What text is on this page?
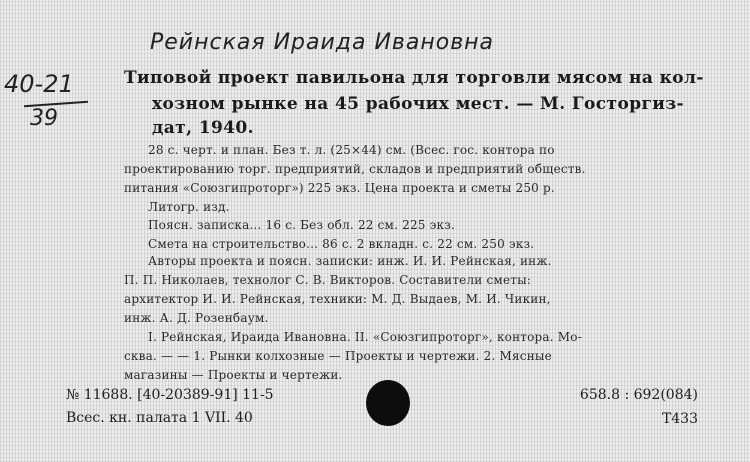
Рейнская Ираида Ивановна
40-21
39
Типовой проект павильона для торговли мясом на кол-
хозном рынке на 45 рабочих мест. — М. Госторгиз-
дат, 1940.
28 с. черт. и план. Без т. л. (25×44) см. (Всес. гос. контора по
проектированию торг. предприятий, складов и предприятий обществ.
питания «Союзгипроторг») 225 экз. Цена проекта и сметы 250 р.
Литогр. изд.
Поясн. записка... 16 с. Без обл. 22 см. 225 экз.
Смета на строительство... 86 с. 2 вкладн. с. 22 см. 250 экз.
Авторы проекта и поясн. записки: инж. И. И. Рейнская, инж.
П. П. Николаев, технолог С. В. Викторов. Составители сметы:
архитектор И. И. Рейнская, техники: М. Д. Выдаев, М. И. Чикин,
инж. А. Д. Розенбаум.
I. Рейнская, Ираида Ивановна. II. «Союзгипроторг», контора. Мо-
сква. — — 1. Рынки колхозные — Проекты и чертежи. 2. Мясные
магазины — Проекты и чертежи.
№ 11688. [40-20389-91] 11-5
Всес. кн. палата 1 VII. 40
658.8 : 692(084)
Т433
